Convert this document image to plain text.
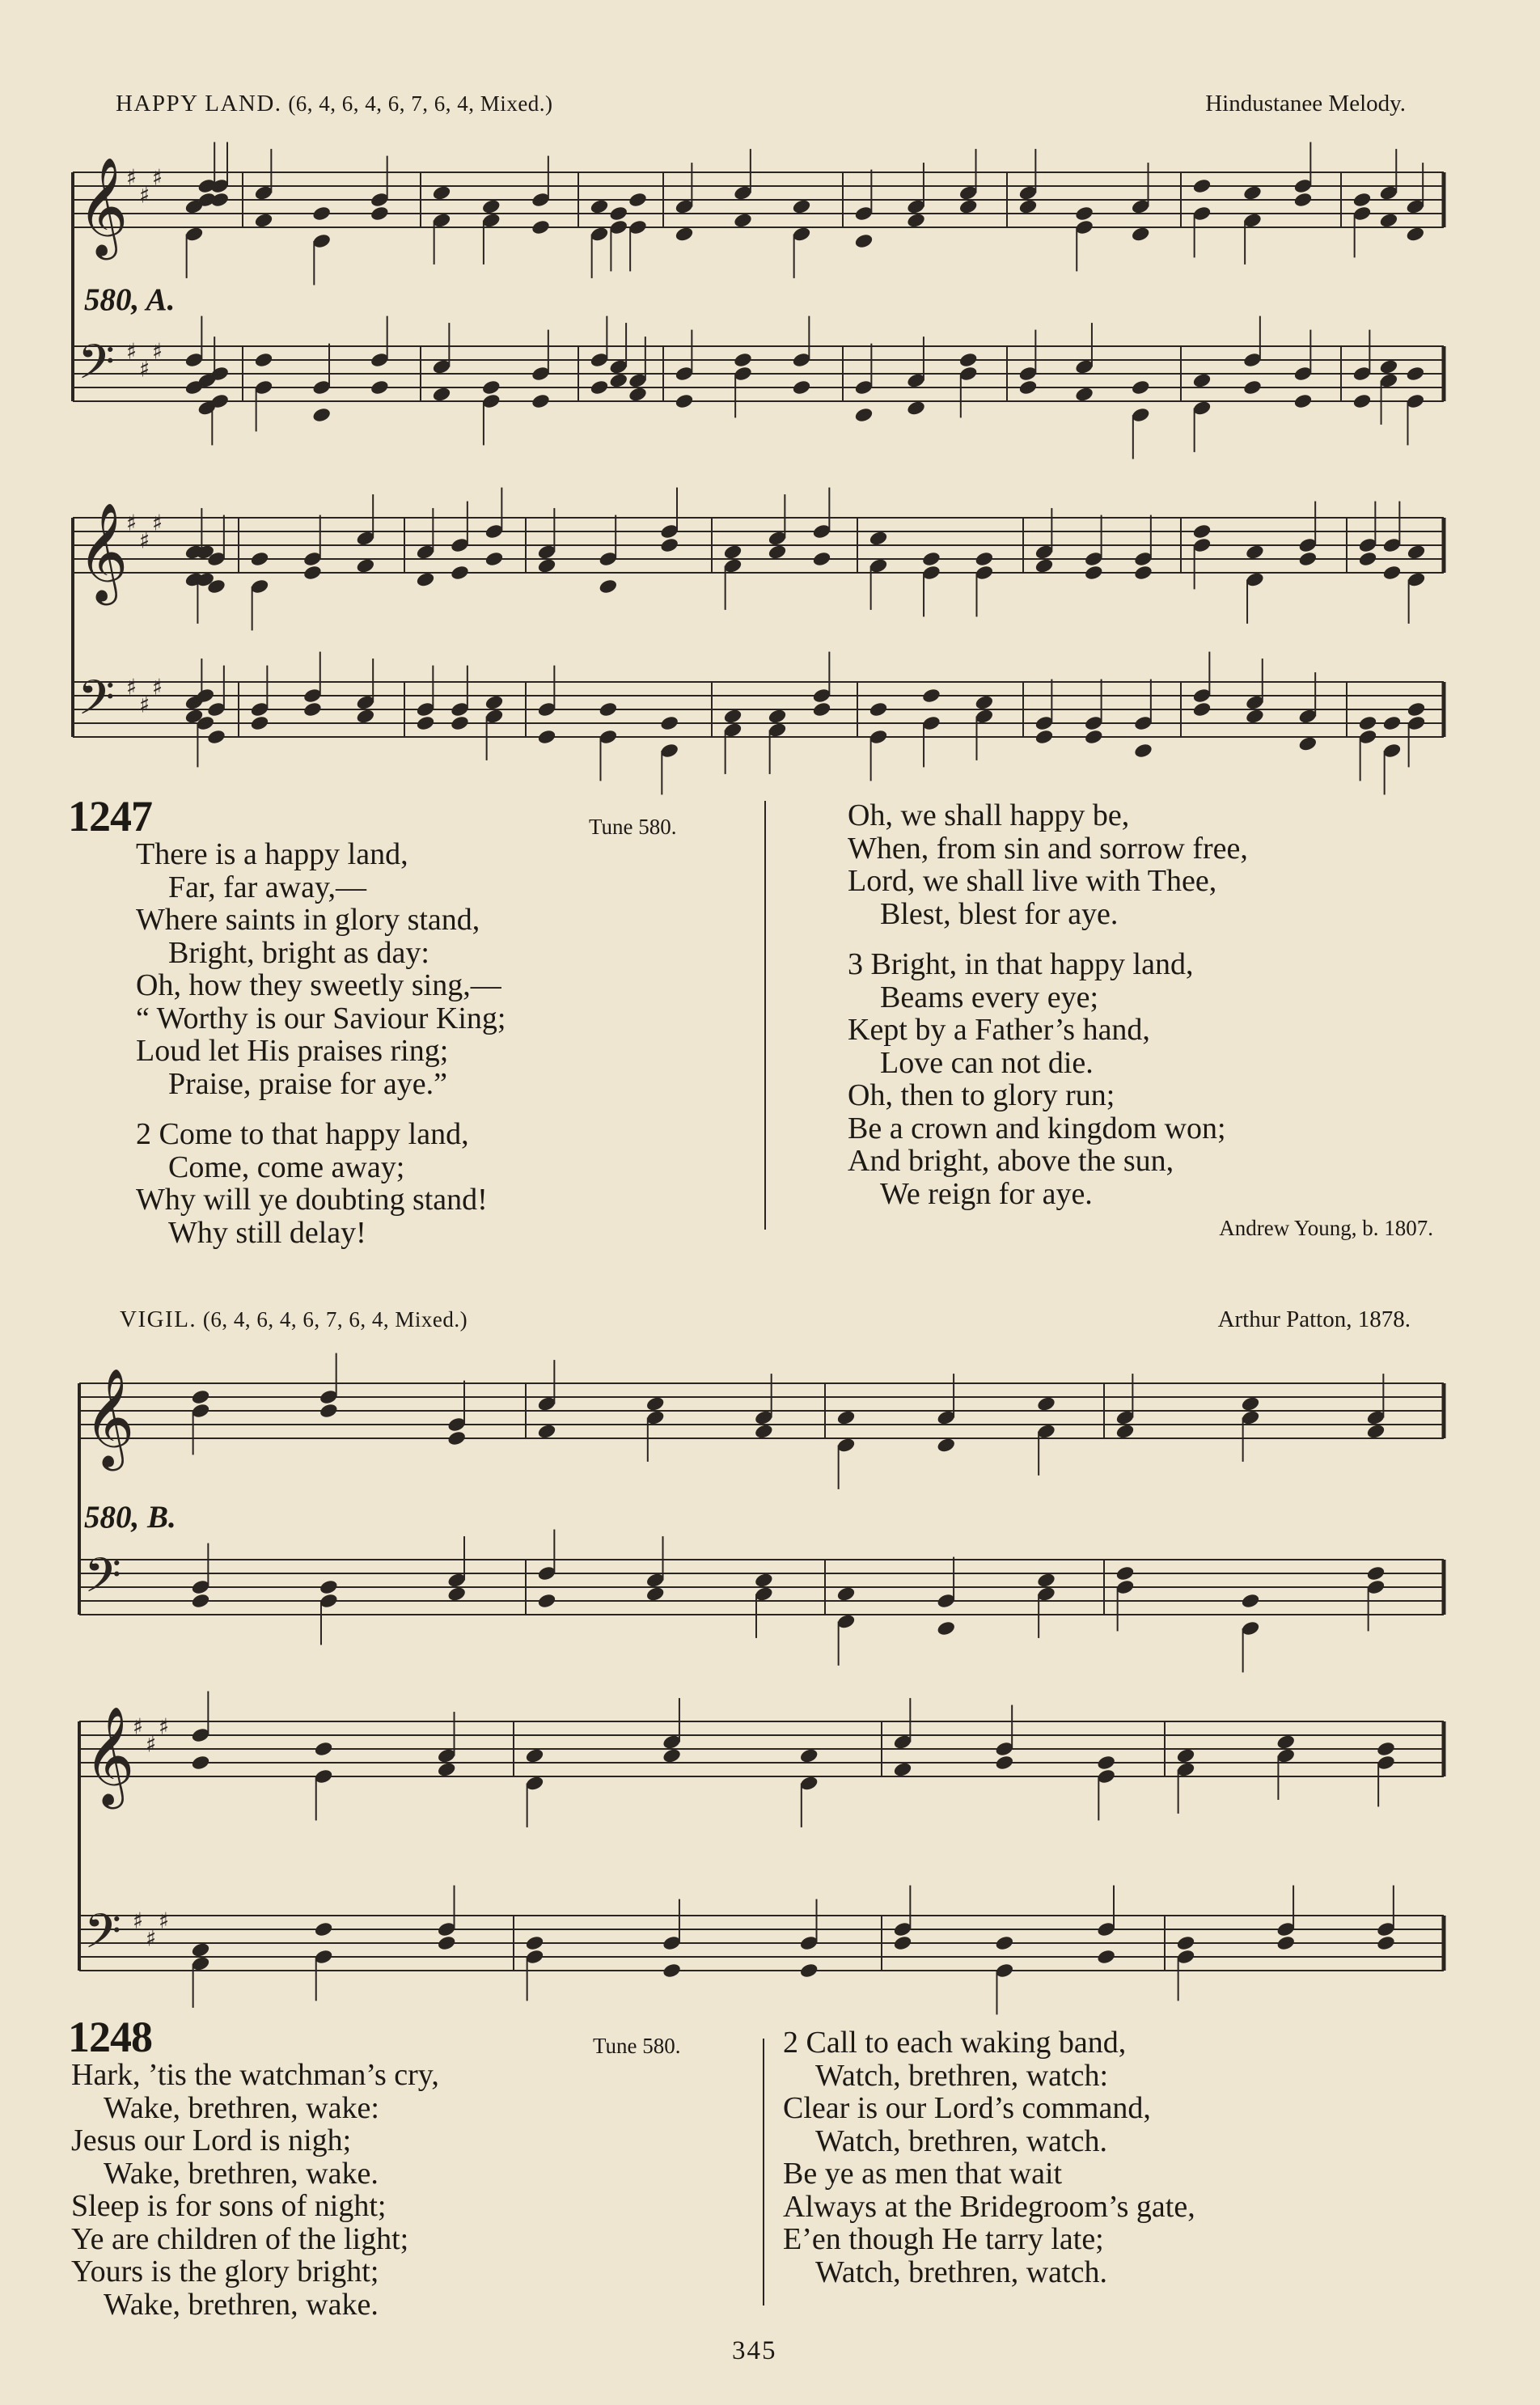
HAPPY LAND. (6, 4, 6, 4, 6, 7, 6, 4, Mixed.)	Hindustanee Melody.
𝄞
♯
♯
♯
𝄢 ♯
♯
♯
𝄞
♯
♯
♯
𝄢 ♯
♯
♯
580, A.
1247	Tune 580.
There is a happy land,
Far, far away,—
Where saints in glory stand,
Bright, bright as day:
Oh, how they sweetly sing,—
“ Worthy is our Saviour King;
Loud let His praises ring;
Praise, praise for aye.”
2 Come to that happy land,
Come, come away;
Why will ye doubting stand!
Why still delay!
Oh, we shall happy be,
When, from sin and sorrow free,
Lord, we shall live with Thee,
Blest, blest for aye.
3 Bright, in that happy land,
Beams every eye;
Kept by a Father’s hand,
Love can not die.
Oh, then to glory run;
Be a crown and kingdom won;
And bright, above the sun,
We reign for aye.
Andrew Young, b. 1807.
VIGIL. (6, 4, 6, 4, 6, 7, 6, 4, Mixed.)	Arthur Patton, 1878.
𝄞
𝄢
𝄞
♯
♯
♯
𝄢 ♯
♯
♯
580, B.
1248	Tune 580.
Hark, ’tis the watchman’s cry,
Wake, brethren, wake:
Jesus our Lord is nigh;
Wake, brethren, wake.
Sleep is for sons of night;
Ye are children of the light;
Yours is the glory bright;
Wake, brethren, wake.
2 Call to each waking band,
Watch, brethren, watch:
Clear is our Lord’s command,
Watch, brethren, watch.
Be ye as men that wait
Always at the Bridegroom’s gate,
E’en though He tarry late;
Watch, brethren, watch.
345
